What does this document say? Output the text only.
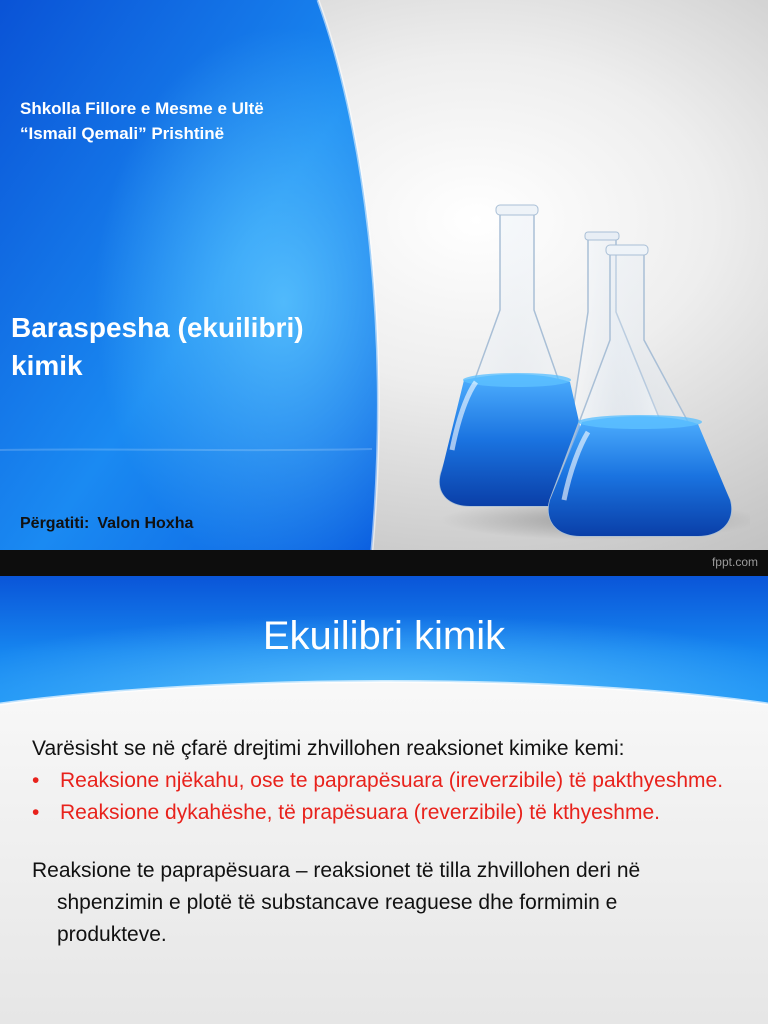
Shkolla Fillore e Mesme e Ultë
“Ismail Qemali” Prishtinë

Baraspesha (ekuilibri)
kimik
Përgatiti: Valon Hoxha
fppt.com
Ekuilibri kimik

Varësisht se në çfarë drejtimi zhvillohen reaksionet kimike kemi:

• Reaksione njëkahu, ose te paprapësuara (ireverzibile) të pakthyeshme.

• Reaksione dykahëshe, të prapësuara (reverzibile) të kthyeshme.

Reaksione te paprapësuara – reaksionet të tilla zhvillohen deri në shpenzimin e plotë të substancave reaguese dhe formimin e produkteve.
